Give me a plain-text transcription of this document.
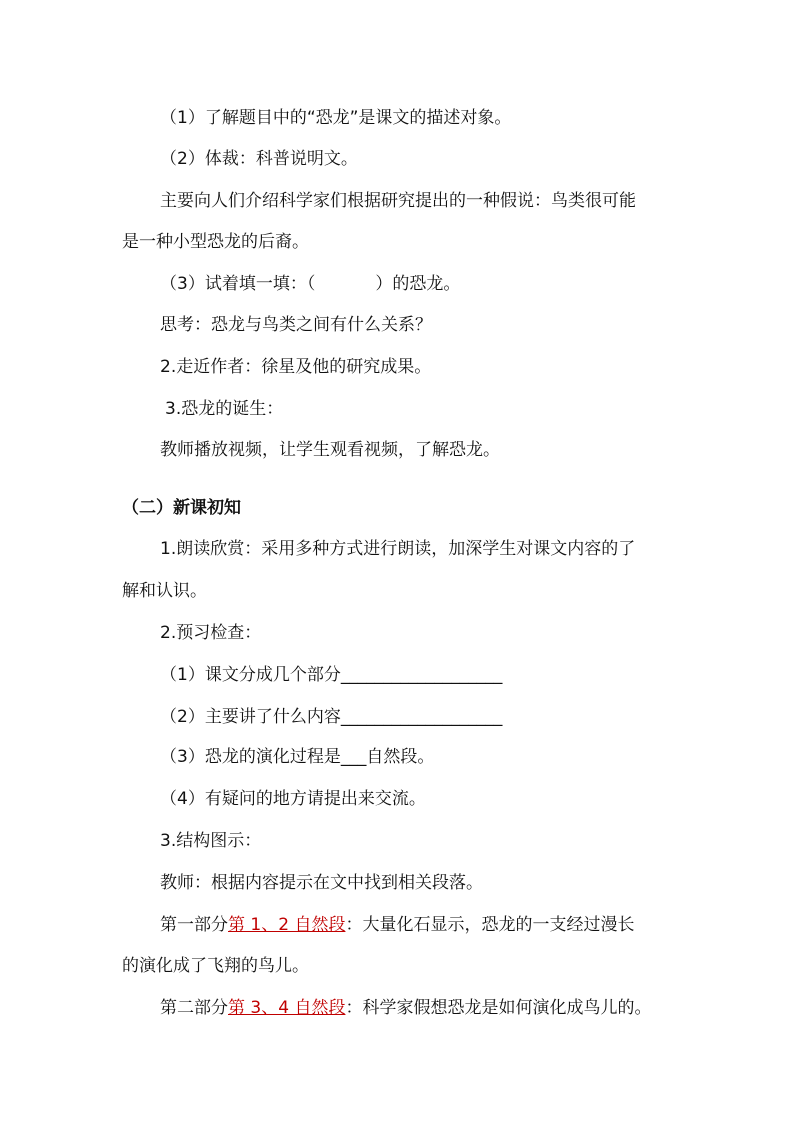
（1）了解题目中的“恐龙”是课文的描述对象。
（2）体裁：科普说明文。
主要向人们介绍科学家们根据研究提出的一种假说：鸟类很可能
是一种小型恐龙的后裔。
（3）试着填一填：（	）的恐龙。
思考：恐龙与鸟类之间有什么关系？
2.走近作者：徐星及他的研究成果。
3.恐龙的诞生：
教师播放视频，让学生观看视频，了解恐龙。
（二）新课初知
1.朗读欣赏：采用多种方式进行朗读，加深学生对课文内容的了
解和认识。
2.预习检查：
（1）课文分成几个部分___________________
（2）主要讲了什么内容___________________
（3）恐龙的演化过程是___自然段。
（4）有疑问的地方请提出来交流。
3.结构图示：
教师：根据内容提示在文中找到相关段落。
第一部分第 1、2 自然段：大量化石显示，恐龙的一支经过漫长
的演化成了飞翔的鸟儿。
第二部分第 3、4 自然段：科学家假想恐龙是如何演化成鸟儿的。
